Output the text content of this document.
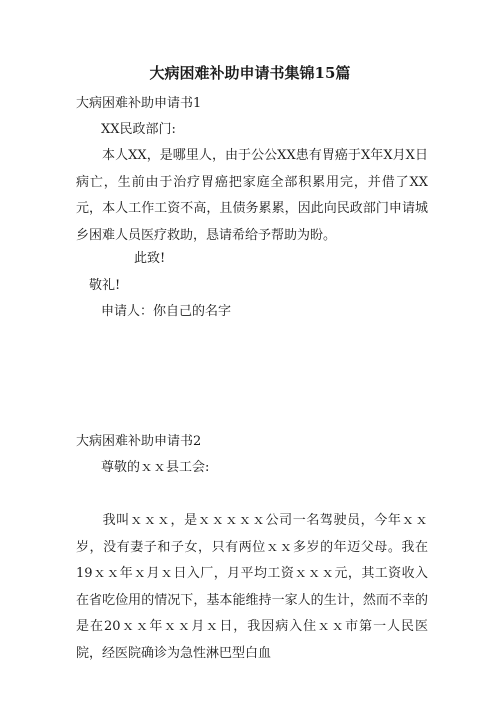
大病困难补助申请书集锦15篇
大病困难补助申请书1
XX民政部门:
本人XX，是哪里人，由于公公XX患有胃癌于X年X月X日病亡，生前由于治疗胃癌把家庭全部积累用完，并借了XX元，本人工作工资不高，且债务累累，因此向民政部门申请城乡困难人员医疗救助，恳请希给予帮助为盼。
此致!
敬礼!
申请人：你自己的名字
大病困难补助申请书2
尊敬的ｘｘ县工会:
我叫ｘｘｘ，是ｘｘｘｘｘ公司一名驾驶员，今年ｘｘ岁，没有妻子和子女，只有两位ｘｘ多岁的年迈父母。我在19ｘｘ年ｘ月ｘ日入厂，月平均工资ｘｘｘ元，其工资收入在省吃俭用的情况下，基本能维持一家人的生计，然而不幸的是在20ｘｘ年ｘｘ月ｘ日，我因病入住ｘｘ市第一人民医院，经医院确诊为急性淋巴型白血
